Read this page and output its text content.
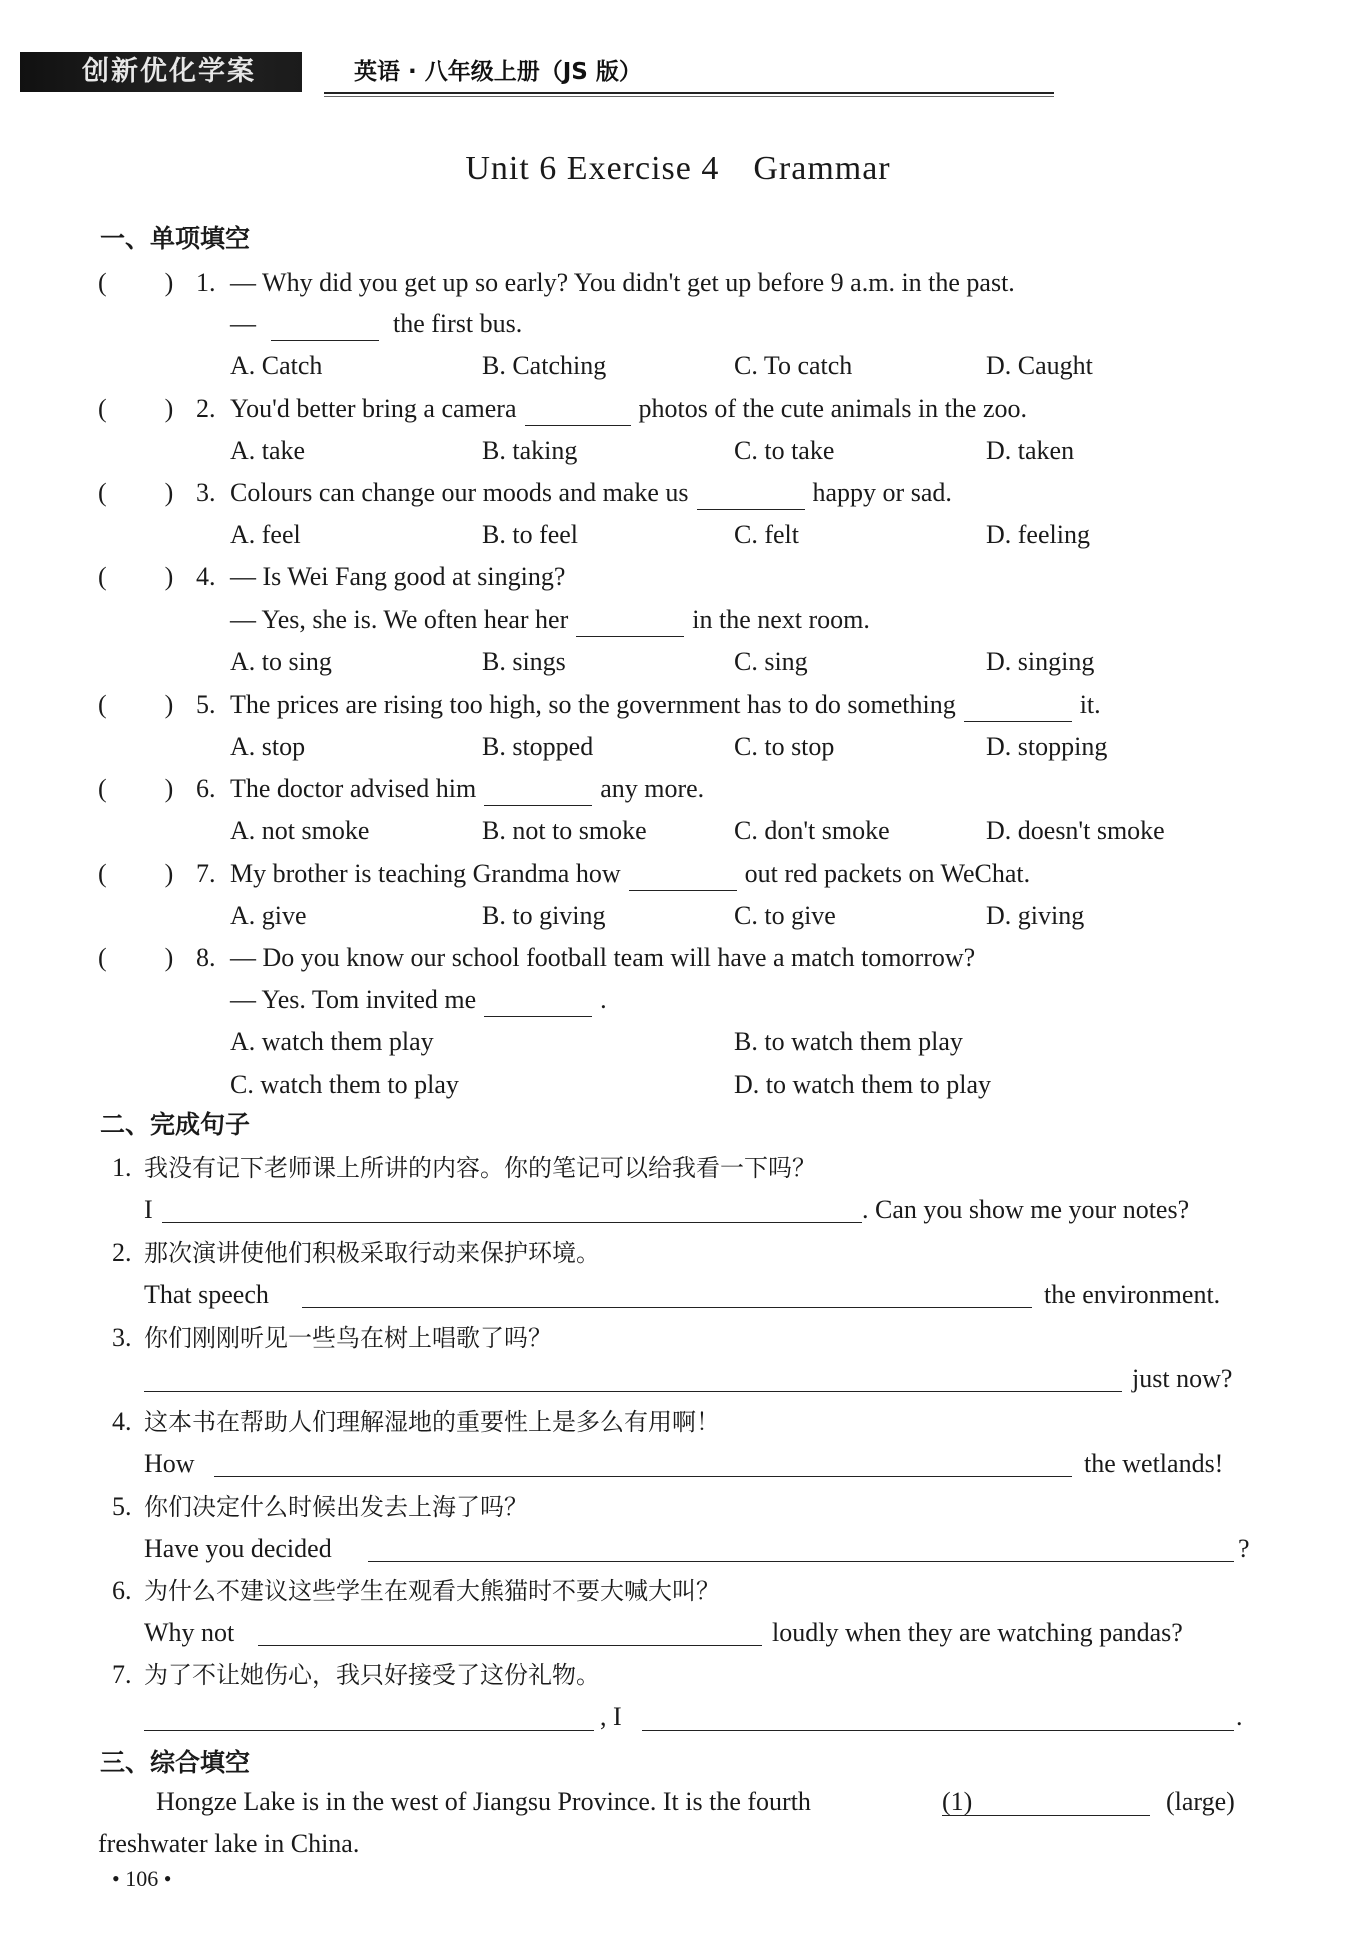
创新优化学案	英语 · 八年级上册（JS 版）
Unit 6 Exercise 4 Grammar
一、单项填空
( ) 1. — Why did you get up so early? You didn't get up before 9 a.m. in the past.
—	the first bus.
A. Catch	B. Catching	C. To catch	D. Caught
( ) 2. You'd better bring a camera	photos of the cute animals in the zoo.
A. take	B. taking	C. to take	D. taken
( ) 3. Colours can change our moods and make us	happy or sad.
A. feel	B. to feel	C. felt	D. feeling
( ) 4. — Is Wei Fang good at singing?
— Yes, she is. We often hear her	in the next room.
A. to sing	B. sings	C. sing	D. singing
( ) 5. The prices are rising too high, so the government has to do something	it.
A. stop	B. stopped	C. to stop	D. stopping
( ) 6. The doctor advised him	any more.
A. not smoke	B. not to smoke	C. don't smoke	D. doesn't smoke
( ) 7. My brother is teaching Grandma how	out red packets on WeChat.
A. give	B. to giving	C. to give	D. giving
( ) 8. — Do you know our school football team will have a match tomorrow?
— Yes. Tom invited me	.
A. watch them play	B. to watch them play
C. watch them to play	D. to watch them to play
二、完成句子
1. 我没有记下老师课上所讲的内容。你的笔记可以给我看一下吗？
I	. Can you show me your notes?
2. 那次演讲使他们积极采取行动来保护环境。
That speech	the environment.
3. 你们刚刚听见一些鸟在树上唱歌了吗？
just now?
4. 这本书在帮助人们理解湿地的重要性上是多么有用啊！
How	the wetlands!
5. 你们决定什么时候出发去上海了吗？
Have you decided	?
6. 为什么不建议这些学生在观看大熊猫时不要大喊大叫？
Why not	loudly when they are watching pandas?
7. 为了不让她伤心，我只好接受了这份礼物。
, I	.
三、综合填空
Hongze Lake is in the west of Jiangsu Province. It is the fourth	(1)	(large)
freshwater lake in China.
• 106 •
